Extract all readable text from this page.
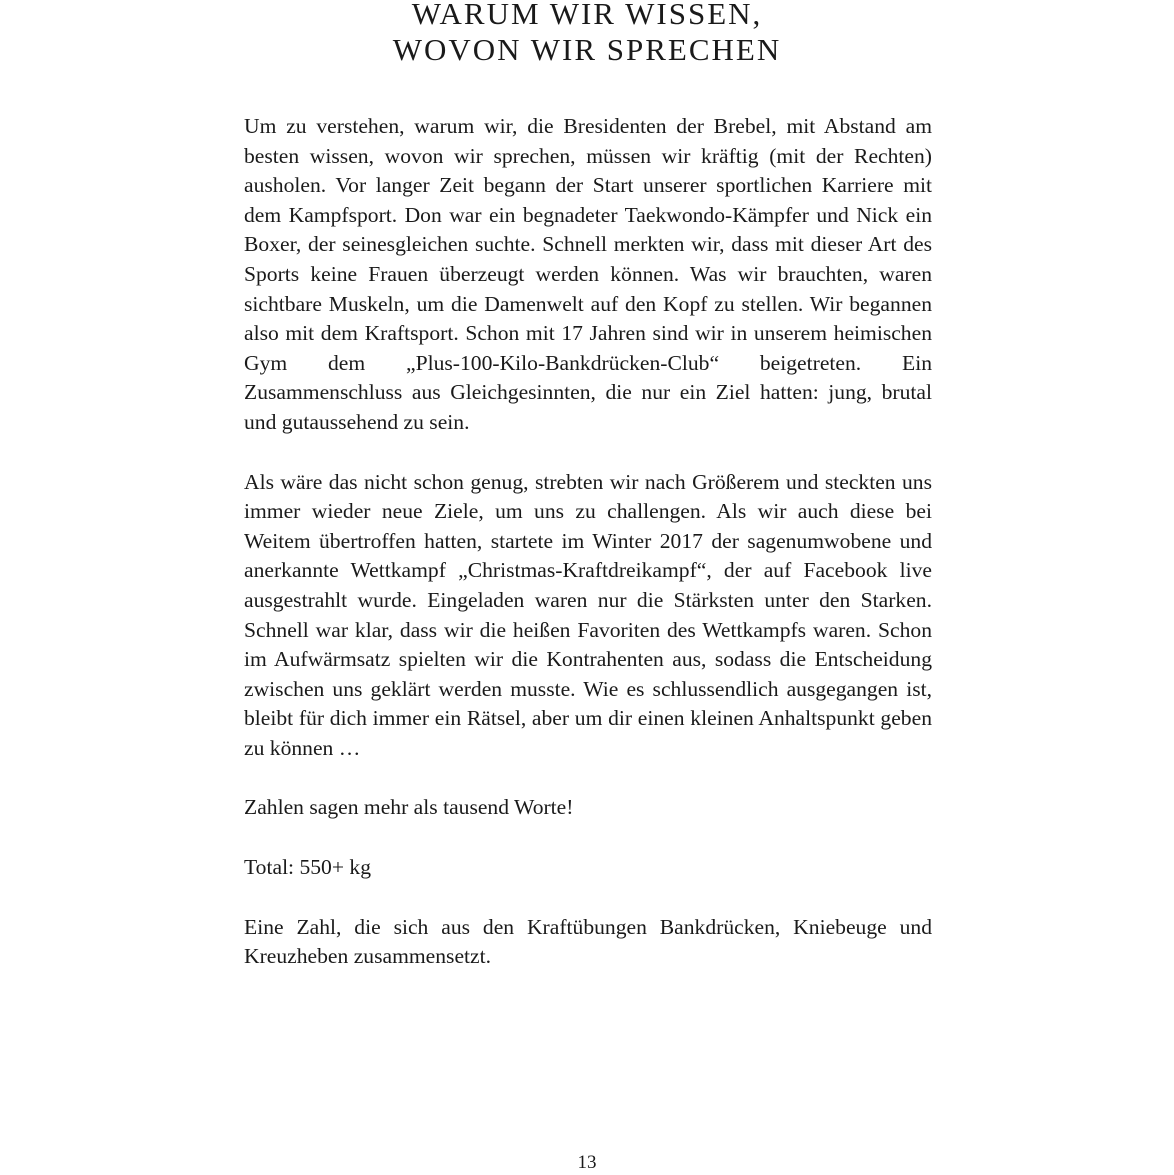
WARUM WIR WISSEN,
WOVON WIR SPRECHEN

Um zu verstehen, warum wir, die Bresidenten der Brebel, mit Abstand am besten wissen, wovon wir sprechen, müssen wir kräftig (mit der Rechten) ausholen. Vor langer Zeit begann der Start unserer sportlichen Karriere mit dem Kampfsport. Don war ein begnadeter Taekwondo-Kämpfer und Nick ein Boxer, der seinesgleichen suchte. Schnell merkten wir, dass mit dieser Art des Sports keine Frauen überzeugt werden können. Was wir brauchten, waren sichtbare Muskeln, um die Damenwelt auf den Kopf zu stellen. Wir begannen also mit dem Kraftsport. Schon mit 17 Jahren sind wir in unserem heimischen Gym dem „Plus-100-Kilo-Bankdrücken-Club“ beigetreten. Ein Zusammenschluss aus Gleichgesinnten, die nur ein Ziel hatten: jung, brutal und gutaussehend zu sein.

Als wäre das nicht schon genug, strebten wir nach Größerem und steckten uns immer wieder neue Ziele, um uns zu challengen. Als wir auch diese bei Weitem übertroffen hatten, startete im Winter 2017 der sagenumwobene und anerkannte Wettkampf „Christmas-Kraftdreikampf“, der auf Facebook live ausgestrahlt wurde. Eingeladen waren nur die Stärksten unter den Starken. Schnell war klar, dass wir die heißen Favoriten des Wettkampfs waren. Schon im Aufwärmsatz spielten wir die Kontrahenten aus, sodass die Entscheidung zwischen uns geklärt werden musste. Wie es schlussendlich ausgegangen ist, bleibt für dich immer ein Rätsel, aber um dir einen kleinen Anhaltspunkt geben zu können …

Zahlen sagen mehr als tausend Worte!

Total: 550+ kg

Eine Zahl, die sich aus den Kraftübungen Bankdrücken, Kniebeuge und Kreuzheben zusammensetzt.

13
